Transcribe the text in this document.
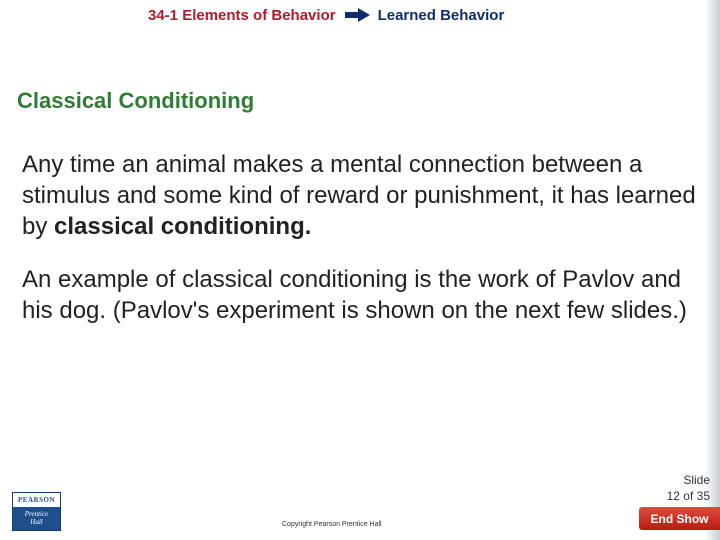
34-1 Elements of Behavior	Learned Behavior
Classical Conditioning

Any time an animal makes a mental connection between a stimulus and some kind of reward or punishment, it has learned by classical conditioning.

An example of classical conditioning is the work of Pavlov and his dog. (Pavlov's experiment is shown on the next few slides.)

Slide
12 of 35
PEARSON
Prentice
Hall	Copyright Pearson Prentice Hall	End Show
